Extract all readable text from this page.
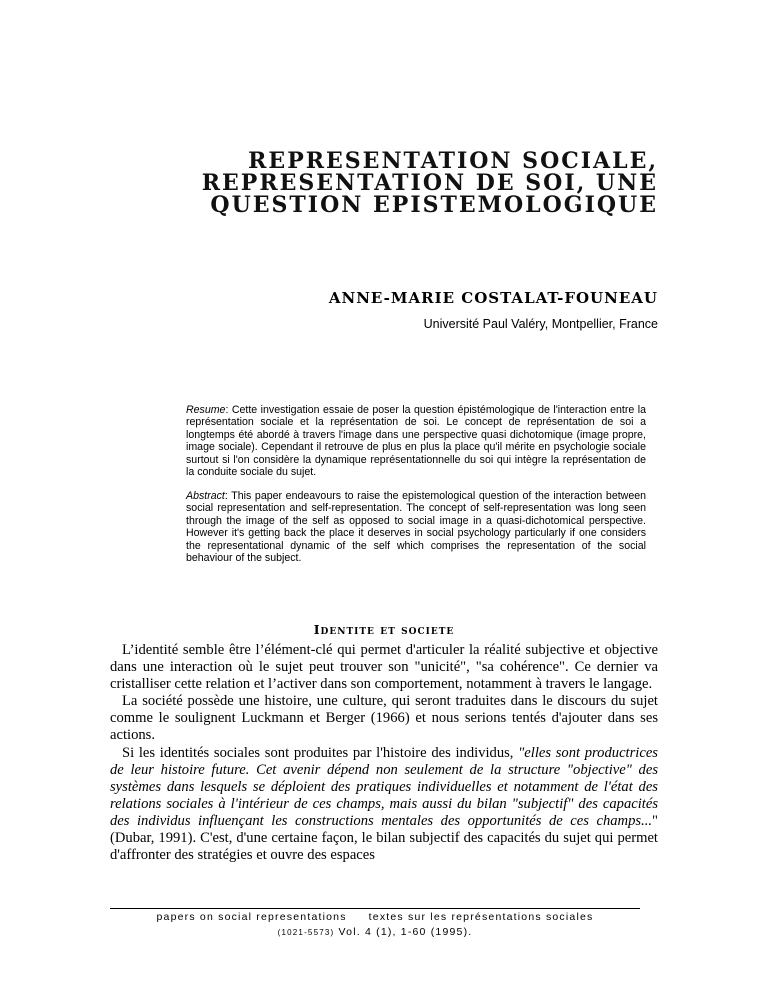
REPRESENTATION SOCIALE,
REPRESENTATION DE SOI, UNE
QUESTION EPISTEMOLOGIQUE

ANNE-MARIE COSTALAT-FOUNEAU

Université Paul Valéry, Montpellier, France

Resume: Cette investigation essaie de poser la question épistémologique de l'interaction entre la représentation sociale et la représentation de soi. Le concept de représentation de soi a longtemps été abordé à travers l'image dans une perspective quasi dichotomique (image propre, image sociale). Cependant il retrouve de plus en plus la place qu'il mérite en psychologie sociale surtout si l'on considère la dynamique représentationnelle du soi qui intègre la représentation de la conduite sociale du sujet.

Abstract: This paper endeavours to raise the epistemological question of the interaction between social representation and self-representation. The concept of self-representation was long seen through the image of the self as opposed to social image in a quasi-dichotomical perspective. However it's getting back the place it deserves in social psychology particularly if one considers the representational dynamic of the self which comprises the representation of the social behaviour of the subject.

Identite et societe

L’identité semble être l’élément-clé qui permet d'articuler la réalité subjective et objective dans une interaction où le sujet peut trouver son "unicité", "sa cohérence". Ce dernier va cristalliser cette relation et l’activer dans son comportement, notamment à travers le langage.

La société possède une histoire, une culture, qui seront traduites dans le discours du sujet comme le soulignent Luckmann et Berger (1966) et nous serions tentés d'ajouter dans ses actions.

Si les identités sociales sont produites par l'histoire des individus, "elles sont productrices de leur histoire future. Cet avenir dépend non seulement de la structure "objective" des systèmes dans lesquels se déploient des pratiques individuelles et notamment de l'état des relations sociales à l'intérieur de ces champs, mais aussi du bilan "subjectif" des capacités des individus influençant les constructions mentales des opportunités de ces champs..." (Dubar, 1991). C'est, d'une certaine façon, le bilan subjectif des capacités du sujet qui permet d'affronter des stratégies et ouvre des espaces

papers on social representations textes sur les représentations sociales

(1021-5573) Vol. 4 (1), 1-60 (1995).
